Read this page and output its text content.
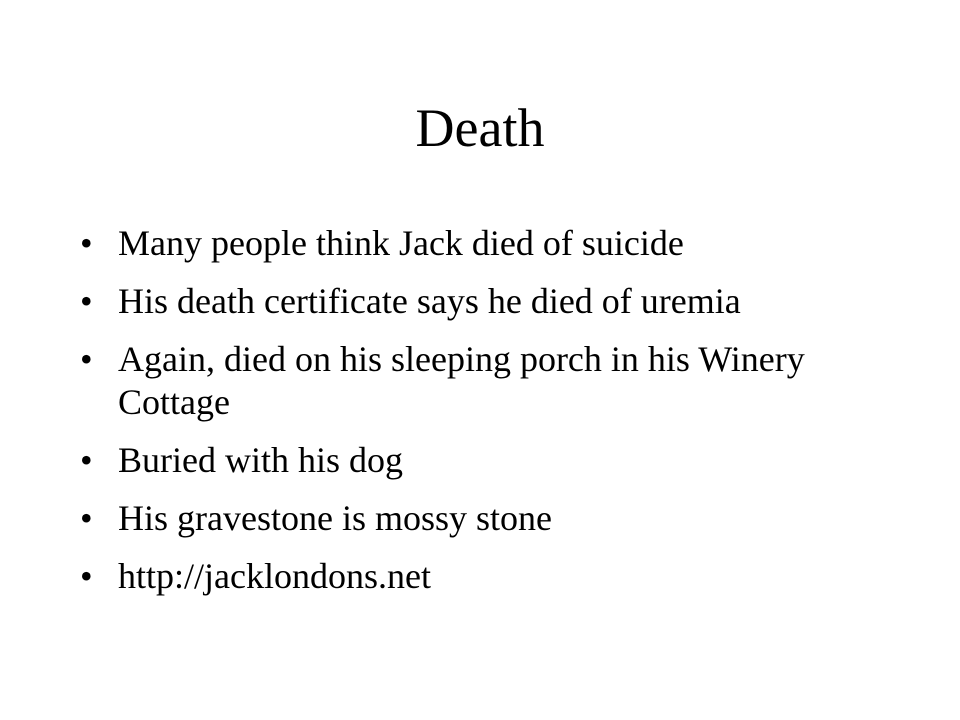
Death
• Many people think Jack died of suicide
• His death certificate says he died of uremia
• Again, died on his sleeping porch in his Winery Cottage
• Buried with his dog
• His gravestone is mossy stone
• http://jacklondons.net
